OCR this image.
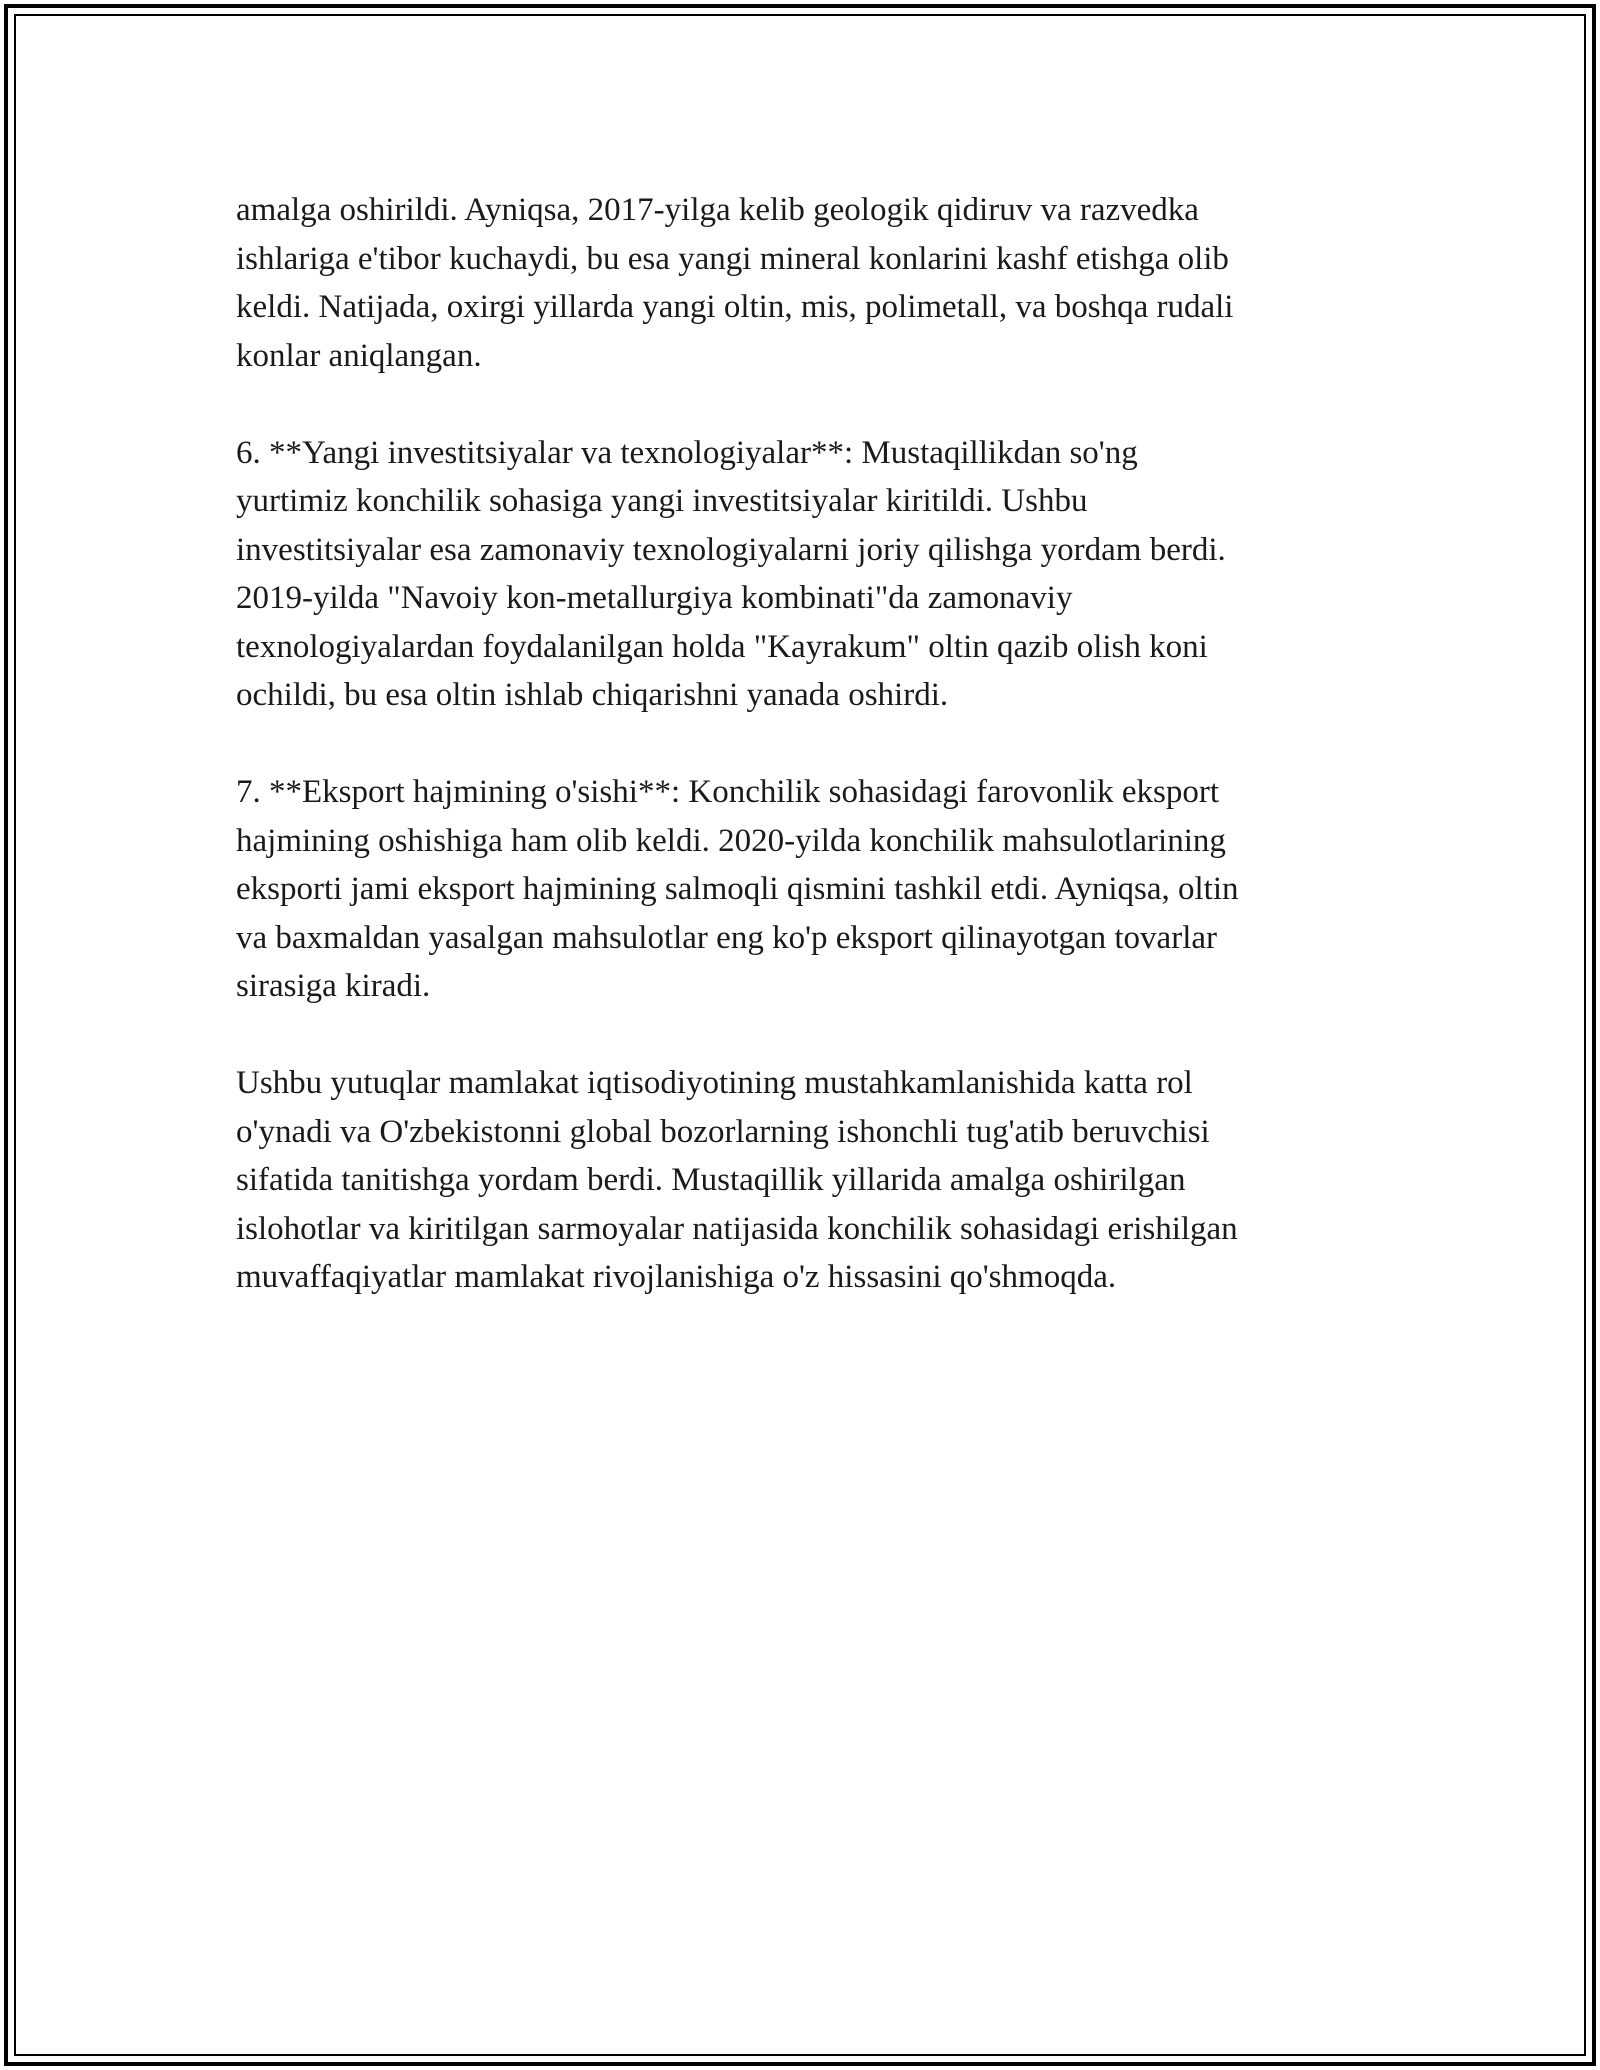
amalga oshirildi. Ayniqsa, 2017-yilga kelib geologik qidiruv va razvedka
ishlariga e'tibor kuchaydi, bu esa yangi mineral konlarini kashf etishga olib
keldi. Natijada, oxirgi yillarda yangi oltin, mis, polimetall, va boshqa rudali
konlar aniqlangan.

6. **Yangi investitsiyalar va texnologiyalar**: Mustaqillikdan so'ng
yurtimiz konchilik sohasiga yangi investitsiyalar kiritildi. Ushbu
investitsiyalar esa zamonaviy texnologiyalarni joriy qilishga yordam berdi.
2019-yilda "Navoiy kon-metallurgiya kombinati"da zamonaviy
texnologiyalardan foydalanilgan holda "Kayrakum" oltin qazib olish koni
ochildi, bu esa oltin ishlab chiqarishni yanada oshirdi.

7. **Eksport hajmining o'sishi**: Konchilik sohasidagi farovonlik eksport
hajmining oshishiga ham olib keldi. 2020-yilda konchilik mahsulotlarining
eksporti jami eksport hajmining salmoqli qismini tashkil etdi. Ayniqsa, oltin
va baxmaldan yasalgan mahsulotlar eng ko'p eksport qilinayotgan tovarlar
sirasiga kiradi.

Ushbu yutuqlar mamlakat iqtisodiyotining mustahkamlanishida katta rol
o'ynadi va O'zbekistonni global bozorlarning ishonchli tug'atib beruvchisi
sifatida tanitishga yordam berdi. Mustaqillik yillarida amalga oshirilgan
islohotlar va kiritilgan sarmoyalar natijasida konchilik sohasidagi erishilgan
muvaffaqiyatlar mamlakat rivojlanishiga o'z hissasini qo'shmoqda.
